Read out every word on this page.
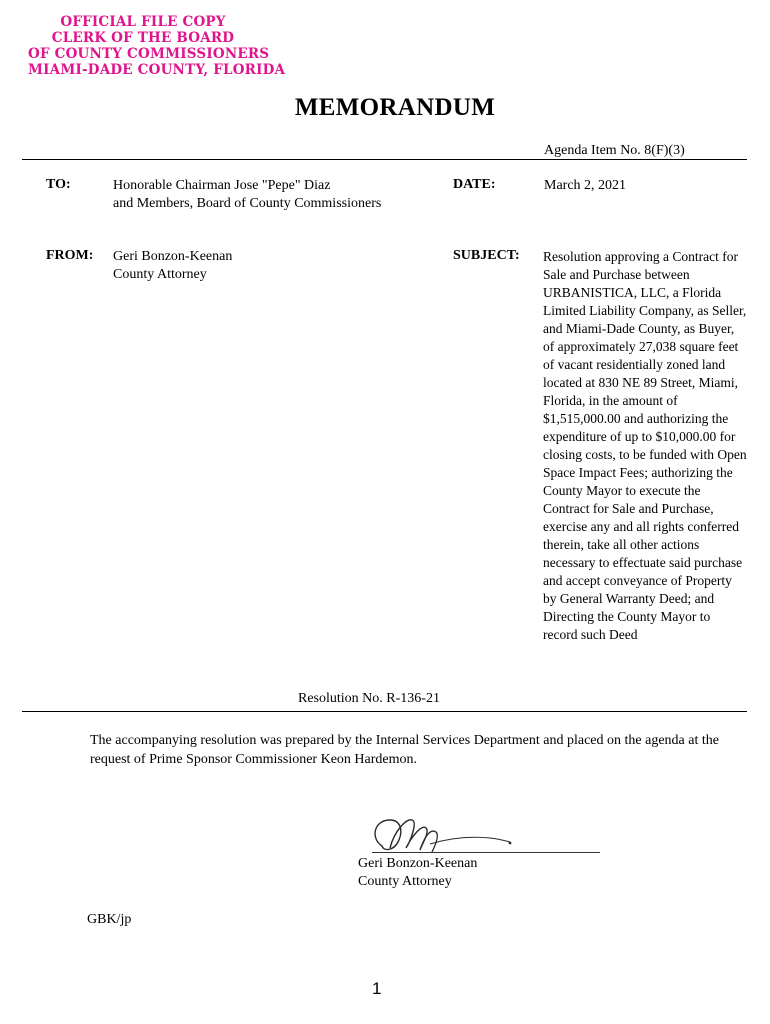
OFFICIAL FILE COPY
CLERK OF THE BOARD
OF COUNTY COMMISSIONERS
MIAMI-DADE COUNTY, FLORIDA
MEMORANDUM
Agenda Item No. 8(F)(3)
TO:	Honorable Chairman Jose "Pepe" Diaz
and Members, Board of County Commissioners
DATE:	March 2, 2021
FROM: Geri Bonzon-Keenan
County Attorney
SUBJECT: Resolution approving a Contract for Sale and Purchase between URBANISTICA, LLC, a Florida Limited Liability Company, as Seller, and Miami-Dade County, as Buyer, of approximately 27,038 square feet of vacant residentially zoned land located at 830 NE 89 Street, Miami, Florida, in the amount of $1,515,000.00 and authorizing the expenditure of up to $10,000.00 for closing costs, to be funded with Open Space Impact Fees; authorizing the County Mayor to execute the Contract for Sale and Purchase, exercise any and all rights conferred therein, take all other actions necessary to effectuate said purchase and accept conveyance of Property by General Warranty Deed; and Directing the County Mayor to record such Deed
Resolution No. R-136-21
The accompanying resolution was prepared by the Internal Services Department and placed on the agenda at the request of Prime Sponsor Commissioner Keon Hardemon.
Geri Bonzon-Keenan
County Attorney
GBK/jp
1
